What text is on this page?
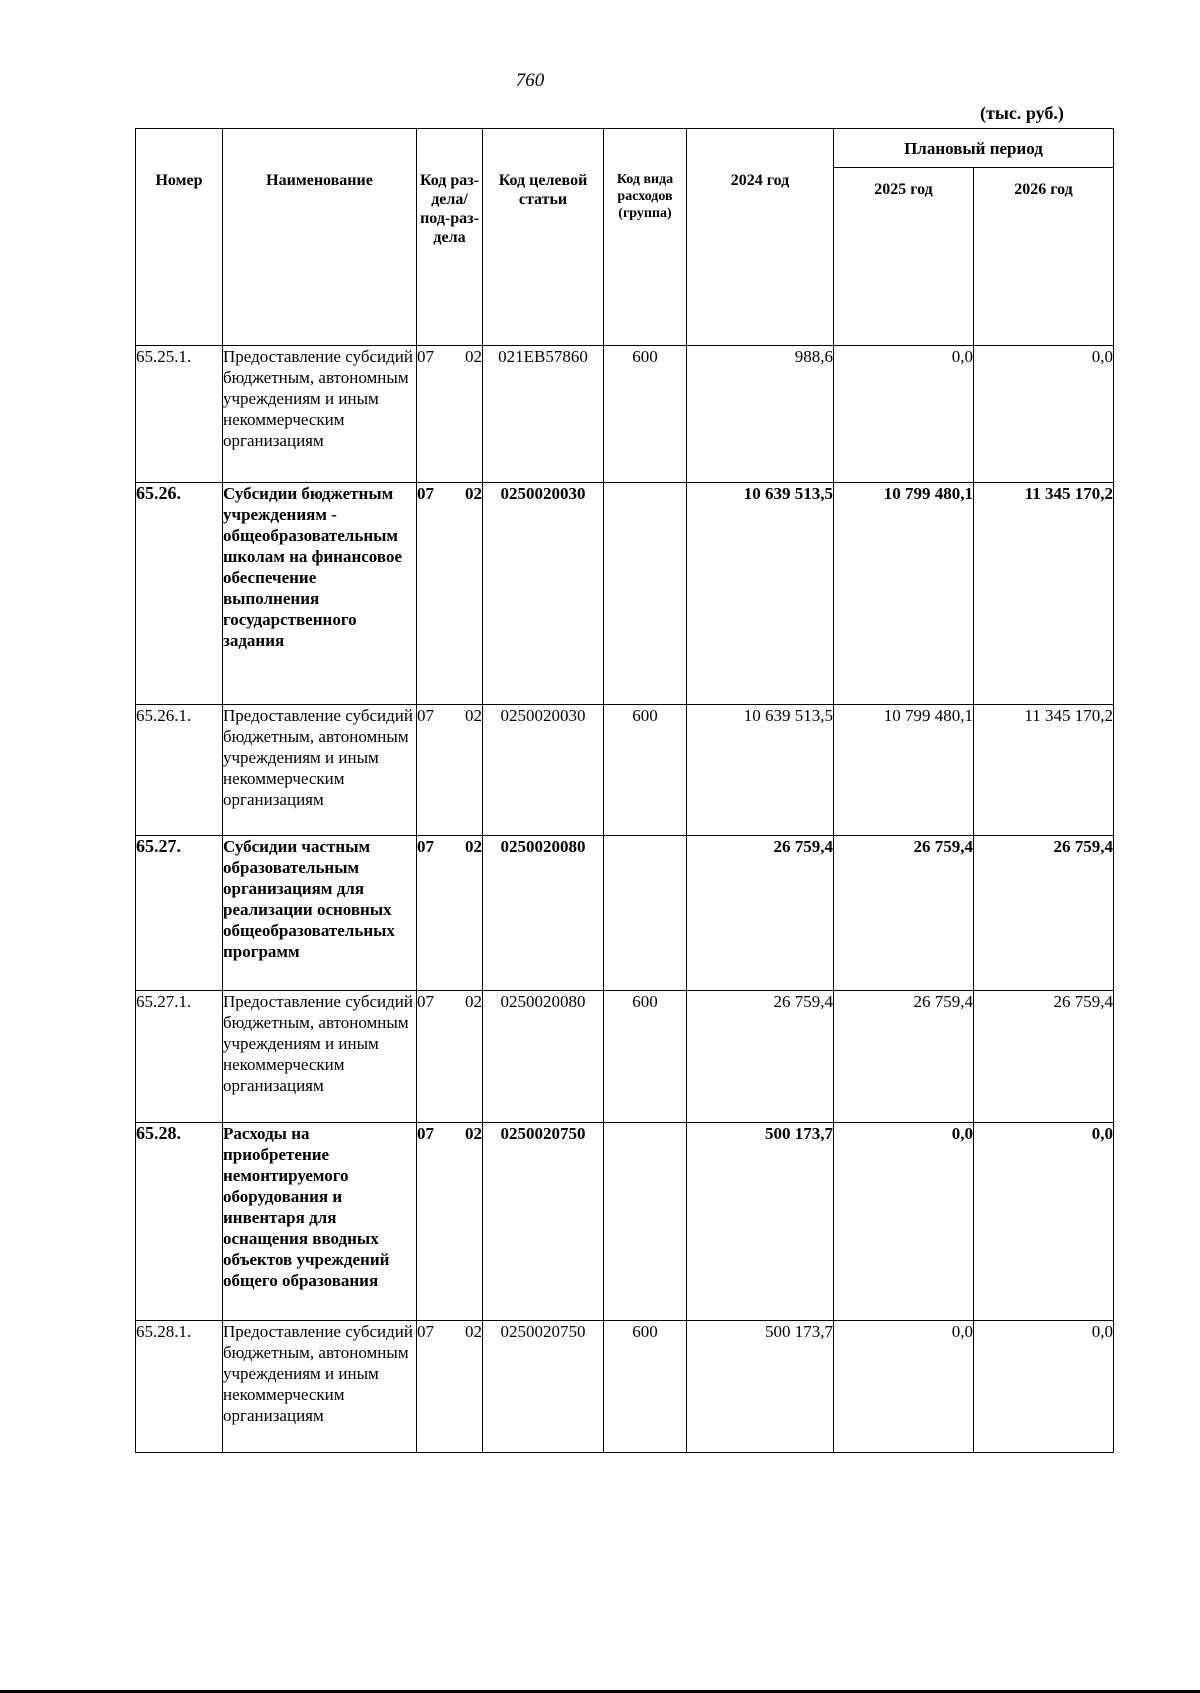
760
(тыс. руб.)
Номер	Наименование	Код раз-дела/ под-раз-дела	Код целевой статьи	Код вида расходов (группа)	2024 год	Плановый период	
						2025 год	2026 год
65.25.1.	Предоставление субсидий бюджетным, автономным учреждениям и иным некоммерческим организациям	07 02	021ЕВ57860	600	988,6	0,0	0,0
65.26.	Субсидии бюджетным учреждениям - общеобразовательным школам на финансовое обеспечение выполнения государственного задания	07 02	0250020030		10 639 513,5	10 799 480,1	11 345 170,2
65.26.1.	Предоставление субсидий бюджетным, автономным учреждениям и иным некоммерческим организациям	07 02	0250020030	600	10 639 513,5	10 799 480,1	11 345 170,2
65.27.	Субсидии частным образовательным организациям для реализации основных общеобразовательных программ	07 02	0250020080		26 759,4	26 759,4	26 759,4
65.27.1.	Предоставление субсидий бюджетным, автономным учреждениям и иным некоммерческим организациям	07 02	0250020080	600	26 759,4	26 759,4	26 759,4
65.28.	Расходы на приобретение немонтируемого оборудования и инвентаря для оснащения вводных объектов учреждений общего образования	07 02	0250020750		500 173,7	0,0	0,0
65.28.1.	Предоставление субсидий бюджетным, автономным учреждениям и иным некоммерческим организациям	07 02	0250020750	600	500 173,7	0,0	0,0
